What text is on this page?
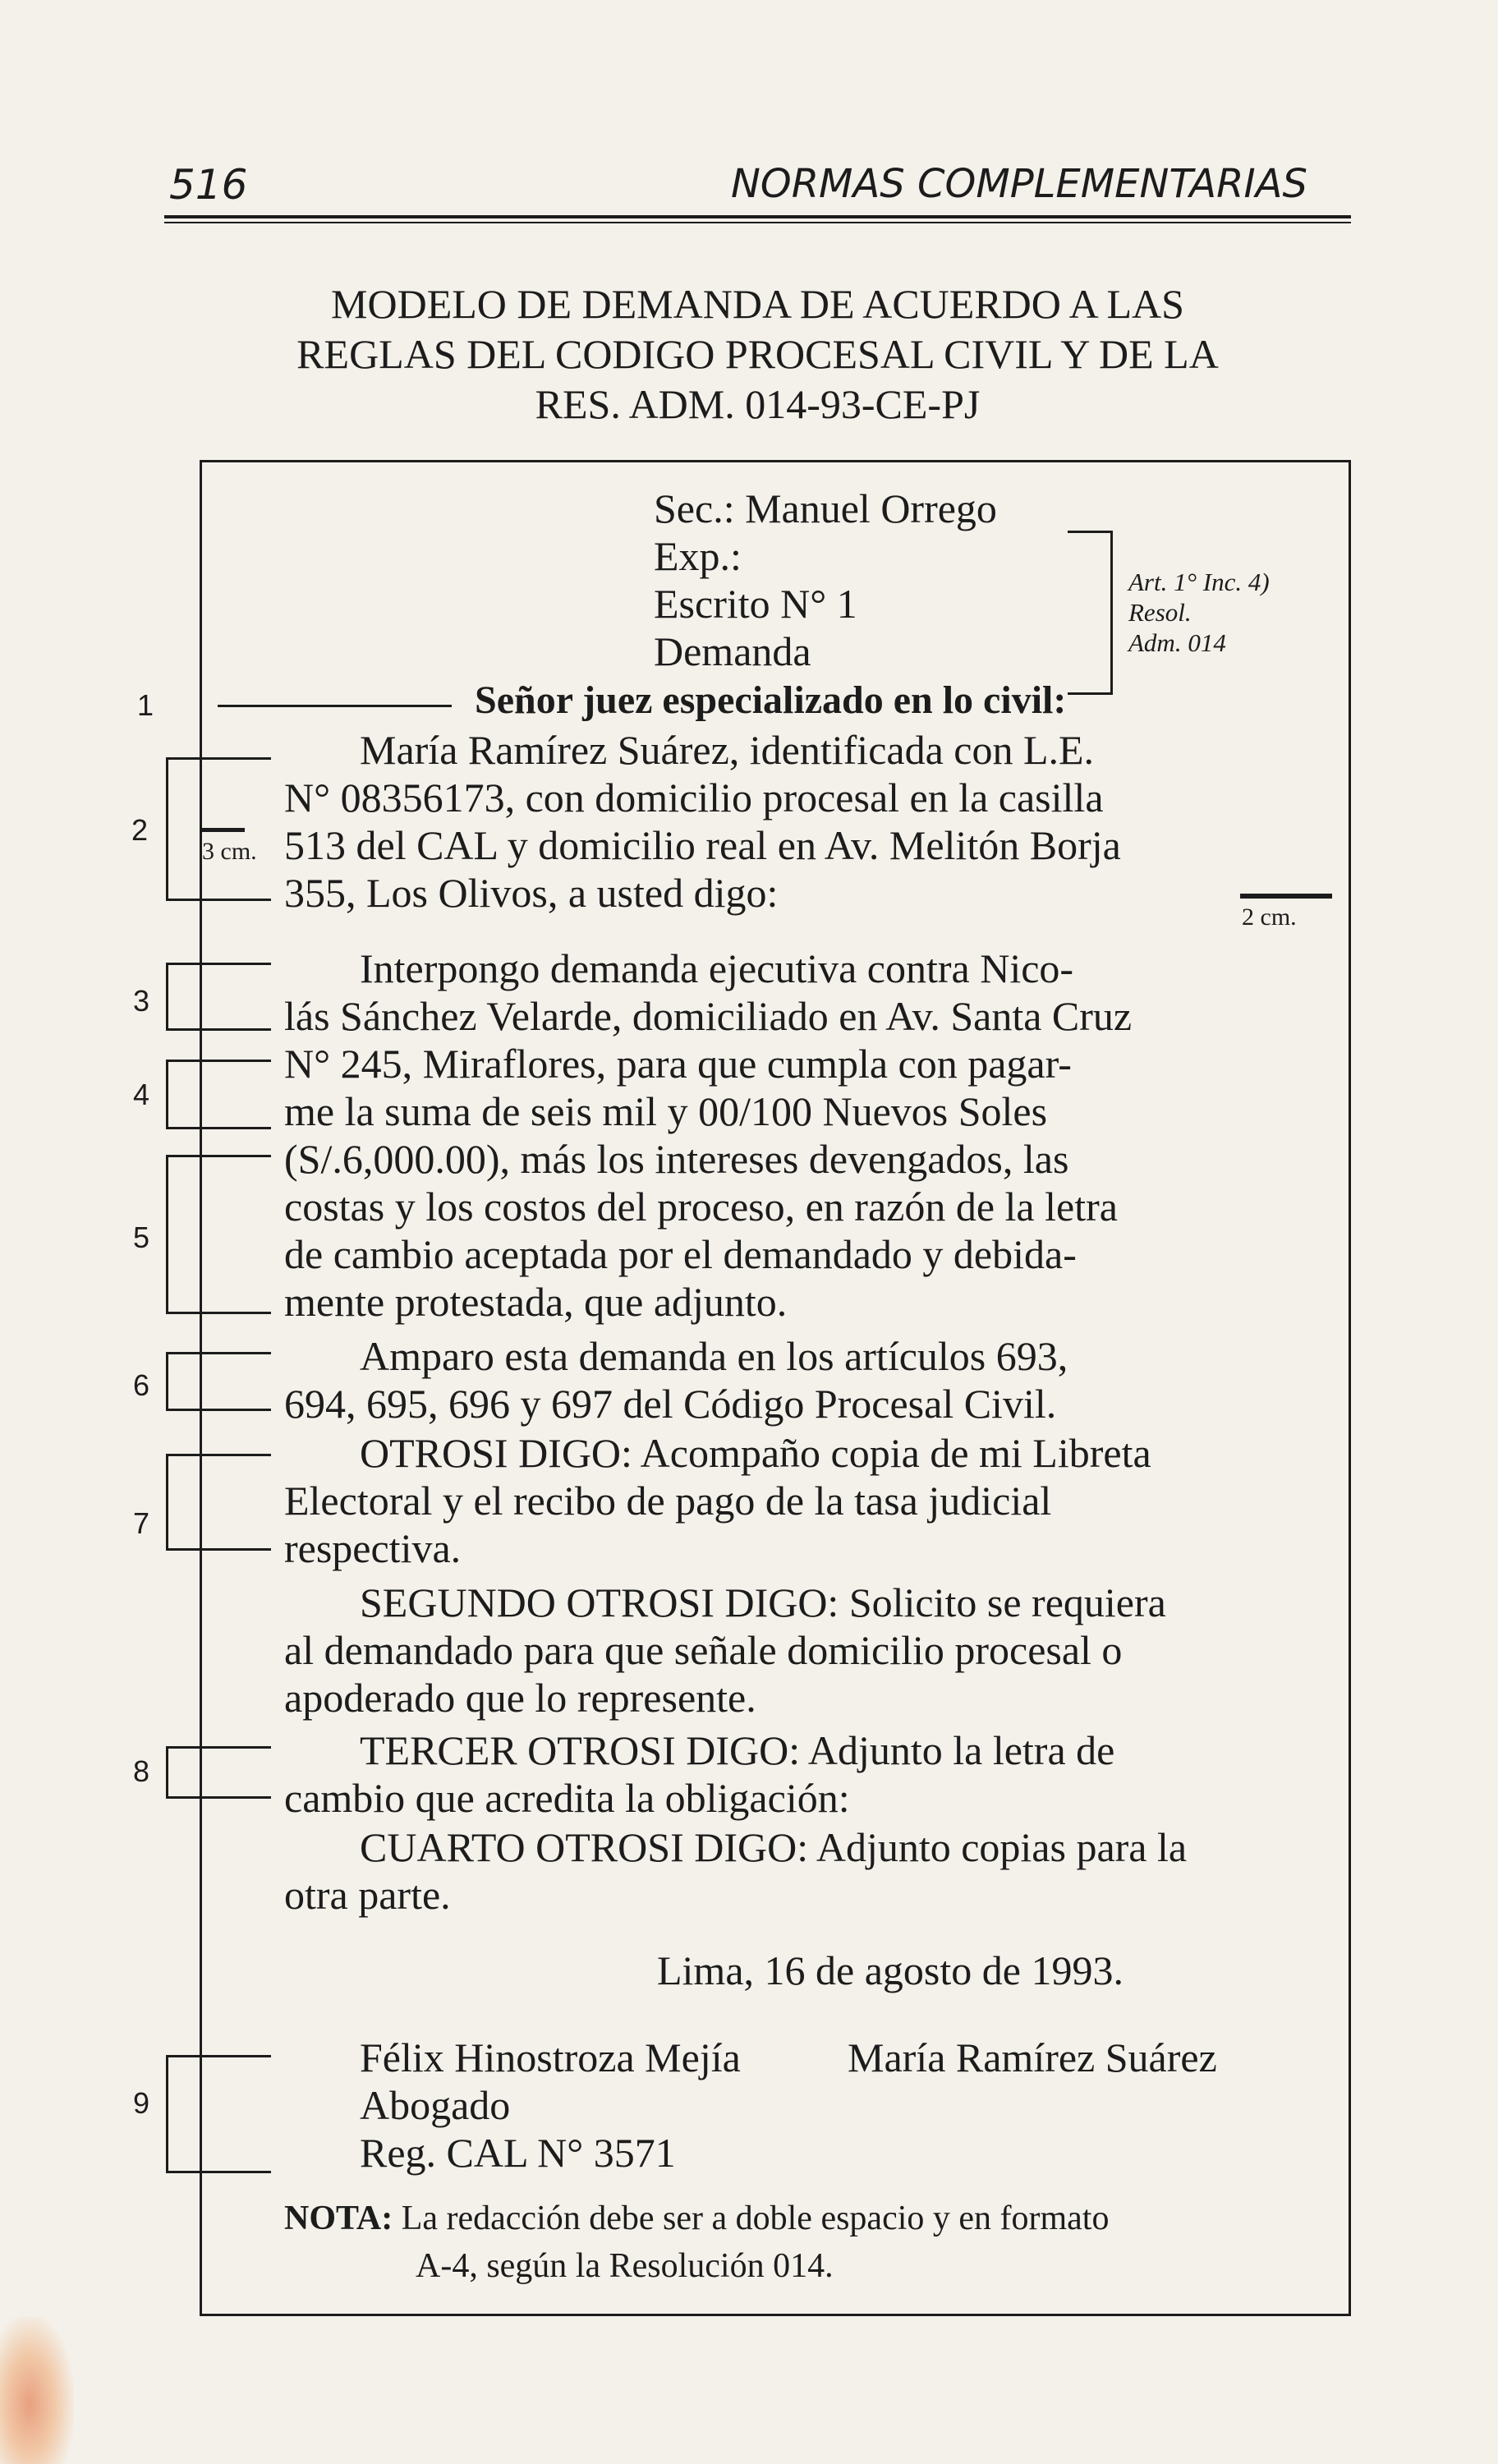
516	NORMAS COMPLEMENTARIAS
MODELO DE DEMANDA DE ACUERDO A LAS
REGLAS DEL CODIGO PROCESAL CIVIL Y DE LA
RES. ADM. 014-93-CE-PJ
Sec.: Manuel Orrego
Exp.:
Escrito N° 1
Demanda
Art. 1° Inc. 4)
Resol.
Adm. 014
1	Señor juez especializado en lo civil:
2
3 cm.
María Ramírez Suárez, identificada con L.E.
N° 08356173, con domicilio procesal en la casilla
513 del CAL y domicilio real en Av. Melitón Borja
355, Los Olivos, a usted digo:
2 cm.
3
4
5
Interpongo demanda ejecutiva contra Nico-
lás Sánchez Velarde, domiciliado en Av. Santa Cruz
N° 245, Miraflores, para que cumpla con pagar-
me la suma de seis mil y 00/100 Nuevos Soles
(S/.6,000.00), más los intereses devengados, las
costas y los costos del proceso, en razón de la letra
de cambio aceptada por el demandado y debida-
mente protestada, que adjunto.
6
Amparo esta demanda en los artículos 693,
694, 695, 696 y 697 del Código Procesal Civil.
7
OTROSI DIGO: Acompaño copia de mi Libreta
Electoral y el recibo de pago de la tasa judicial
respectiva.
SEGUNDO OTROSI DIGO: Solicito se requiera
al demandado para que señale domicilio procesal o
apoderado que lo represente.
8	TERCER OTROSI DIGO: Adjunto la letra de
cambio que acredita la obligación:
CUARTO OTROSI DIGO: Adjunto copias para la
otra parte.
Lima, 16 de agosto de 1993.
9
Félix Hinostroza Mejía	María Ramírez Suárez
Abogado
Reg. CAL N° 3571
NOTA: La redacción debe ser a doble espacio y en formato
A-4, según la Resolución 014.
